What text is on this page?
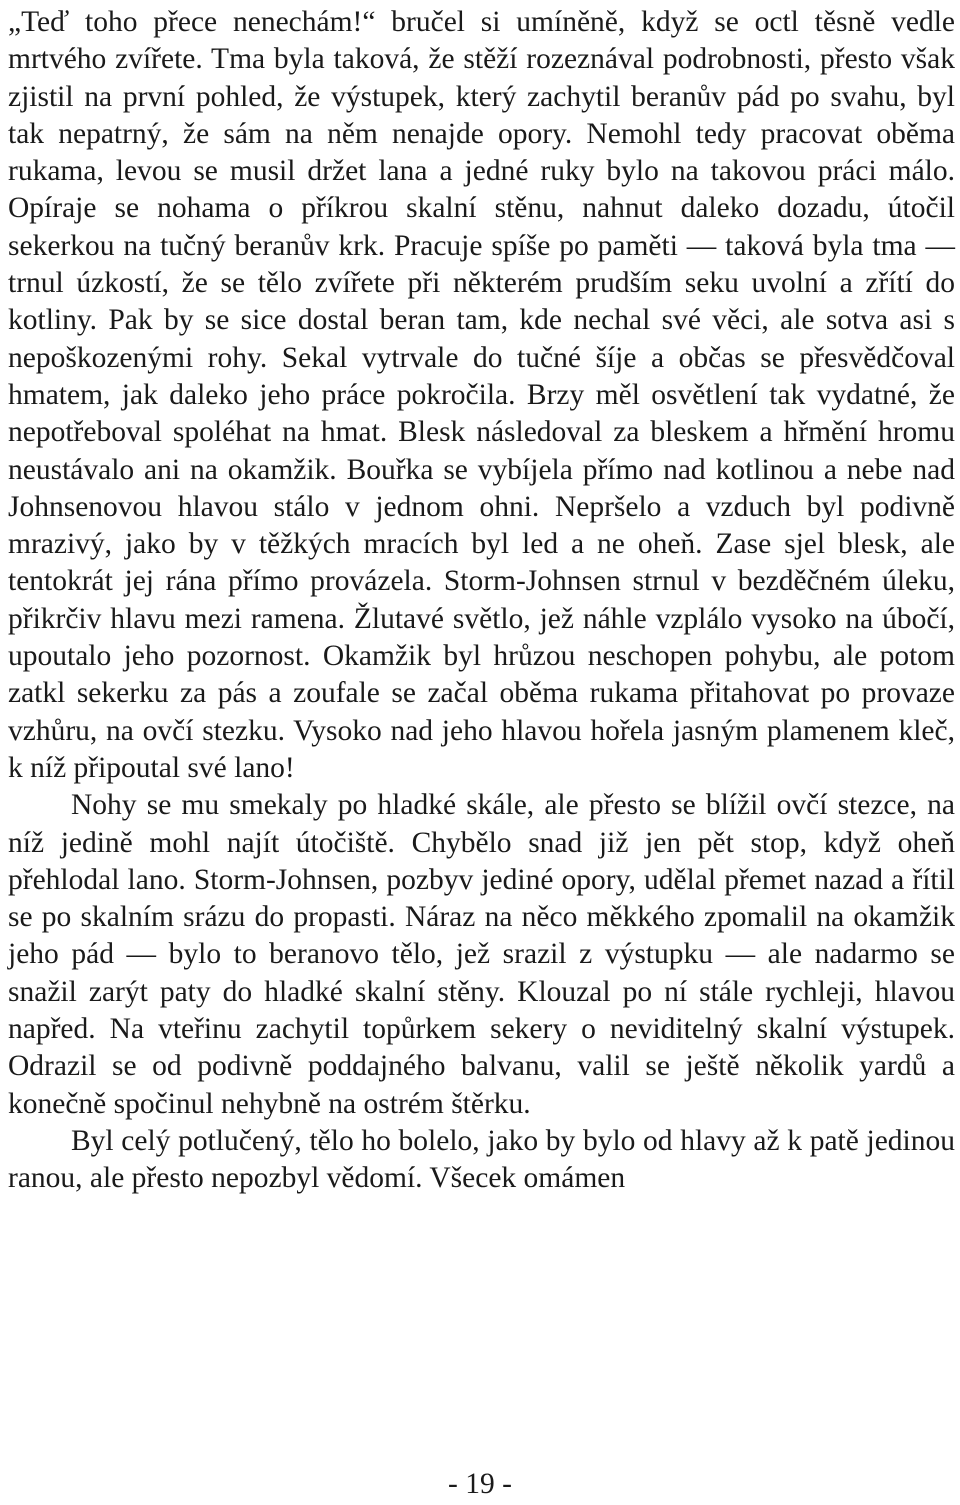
„Teď toho přece nenechám!“ bručel si umíněně, když se octl těsně vedle mrtvého zvířete. Tma byla taková, že stěží rozeznával podrobnosti, přesto však zjistil na první pohled, že výstupek, který zachytil beranův pád po svahu, byl tak nepatrný, že sám na něm nenajde opory. Nemohl tedy pracovat oběma rukama, levou se musil držet lana a jedné ruky bylo na takovou práci málo. Opíraje se nohama o příkrou skalní stěnu, nahnut daleko dozadu, útočil sekerkou na tučný beranův krk. Pracuje spíše po paměti — taková byla tma — trnul úzkostí, že se tělo zvířete při některém prudším seku uvolní a zřítí do kotliny. Pak by se sice dostal beran tam, kde nechal své věci, ale sotva asi s nepoškozenými rohy. Sekal vytrvale do tučné šíje a občas se přesvědčoval hmatem, jak daleko jeho práce pokročila. Brzy měl osvětlení tak vydatné, že nepotřeboval spoléhat na hmat. Blesk následoval za bleskem a hřmění hromu neustávalo ani na okamžik. Bouřka se vybíjela přímo nad kotlinou a nebe nad Johnsenovou hlavou stálo v jednom ohni. Nepršelo a vzduch byl podivně mrazivý, jako by v těžkých mracích byl led a ne oheň. Zase sjel blesk, ale tentokrát jej rána přímo provázela. Storm-Johnsen strnul v bezděčném úleku, přikrčiv hlavu mezi ramena. Žlutavé světlo, jež náhle vzplálo vysoko na úbočí, upoutalo jeho pozornost. Okamžik byl hrůzou neschopen pohybu, ale potom zatkl sekerku za pás a zoufale se začal oběma rukama přitahovat po provaze vzhůru, na ovčí stezku. Vysoko nad jeho hlavou hořela jasným plamenem kleč, k níž připoutal své lano!

Nohy se mu smekaly po hladké skále, ale přesto se blížil ovčí stezce, na níž jedině mohl najít útočiště. Chybělo snad již jen pět stop, když oheň přehlodal lano. Storm-Johnsen, pozbyv jediné opory, udělal přemet nazad a řítil se po skalním srázu do propasti. Náraz na něco měkkého zpomalil na okamžik jeho pád — bylo to beranovo tělo, jež srazil z výstupku — ale nadarmo se snažil zarýt paty do hladké skalní stěny. Klouzal po ní stále rychleji, hlavou napřed. Na vteřinu zachytil topůrkem sekery o neviditelný skalní výstupek. Odrazil se od podivně poddajného balvanu, valil se ještě několik yardů a konečně spočinul nehybně na ostrém štěrku.

Byl celý potlučený, tělo ho bolelo, jako by bylo od hlavy až k patě jedinou ranou, ale přesto nepozbyl vědomí. Všecek omámen

- 19 -
